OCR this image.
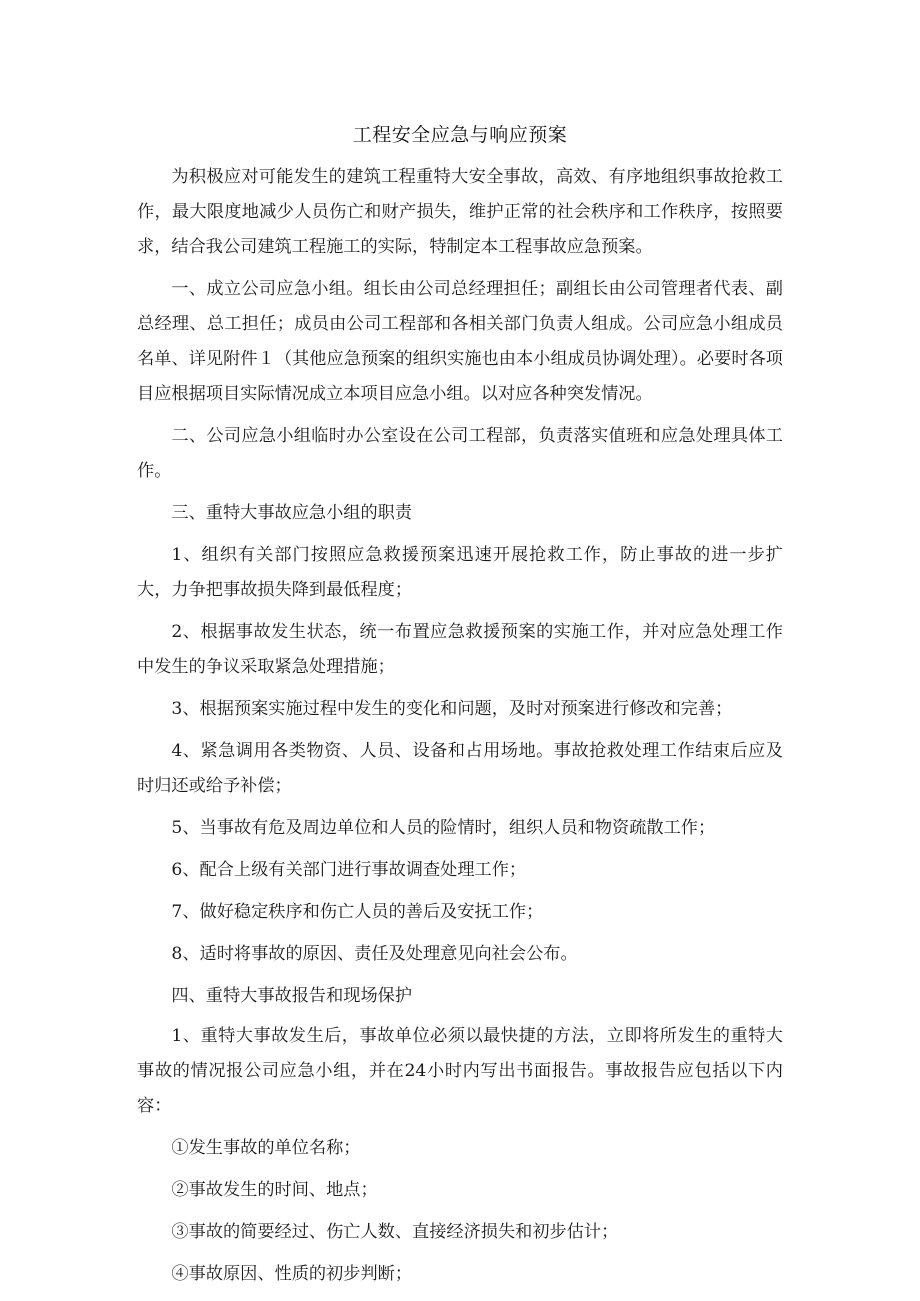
工程安全应急与响应预案

为积极应对可能发生的建筑工程重特大安全事故，高效、有序地组织事故抢救工作，最大限度地减少人员伤亡和财产损失，维护正常的社会秩序和工作秩序，按照要求，结合我公司建筑工程施工的实际，特制定本工程事故应急预案。

一、成立公司应急小组。组长由公司总经理担任；副组长由公司管理者代表、副总经理、总工担任；成员由公司工程部和各相关部门负责人组成。公司应急小组成员名单、详见附件１（其他应急预案的组织实施也由本小组成员协调处理）。必要时各项目应根据项目实际情况成立本项目应急小组。以对应各种突发情况。

二、公司应急小组临时办公室设在公司工程部，负责落实值班和应急处理具体工作。

三、重特大事故应急小组的职责

1、组织有关部门按照应急救援预案迅速开展抢救工作，防止事故的进一步扩大，力争把事故损失降到最低程度；

2、根据事故发生状态，统一布置应急救援预案的实施工作，并对应急处理工作中发生的争议采取紧急处理措施；

3、根据预案实施过程中发生的变化和问题，及时对预案进行修改和完善；

4、紧急调用各类物资、人员、设备和占用场地。事故抢救处理工作结束后应及时归还或给予补偿；

5、当事故有危及周边单位和人员的险情时，组织人员和物资疏散工作；

6、配合上级有关部门进行事故调查处理工作；

7、做好稳定秩序和伤亡人员的善后及安抚工作；

8、适时将事故的原因、责任及处理意见向社会公布。

四、重特大事故报告和现场保护

1、重特大事故发生后，事故单位必须以最快捷的方法，立即将所发生的重特大事故的情况报公司应急小组，并在24小时内写出书面报告。事故报告应包括以下内容：

①发生事故的单位名称；

②事故发生的时间、地点；

③事故的简要经过、伤亡人数、直接经济损失和初步估计；

④事故原因、性质的初步判断；
